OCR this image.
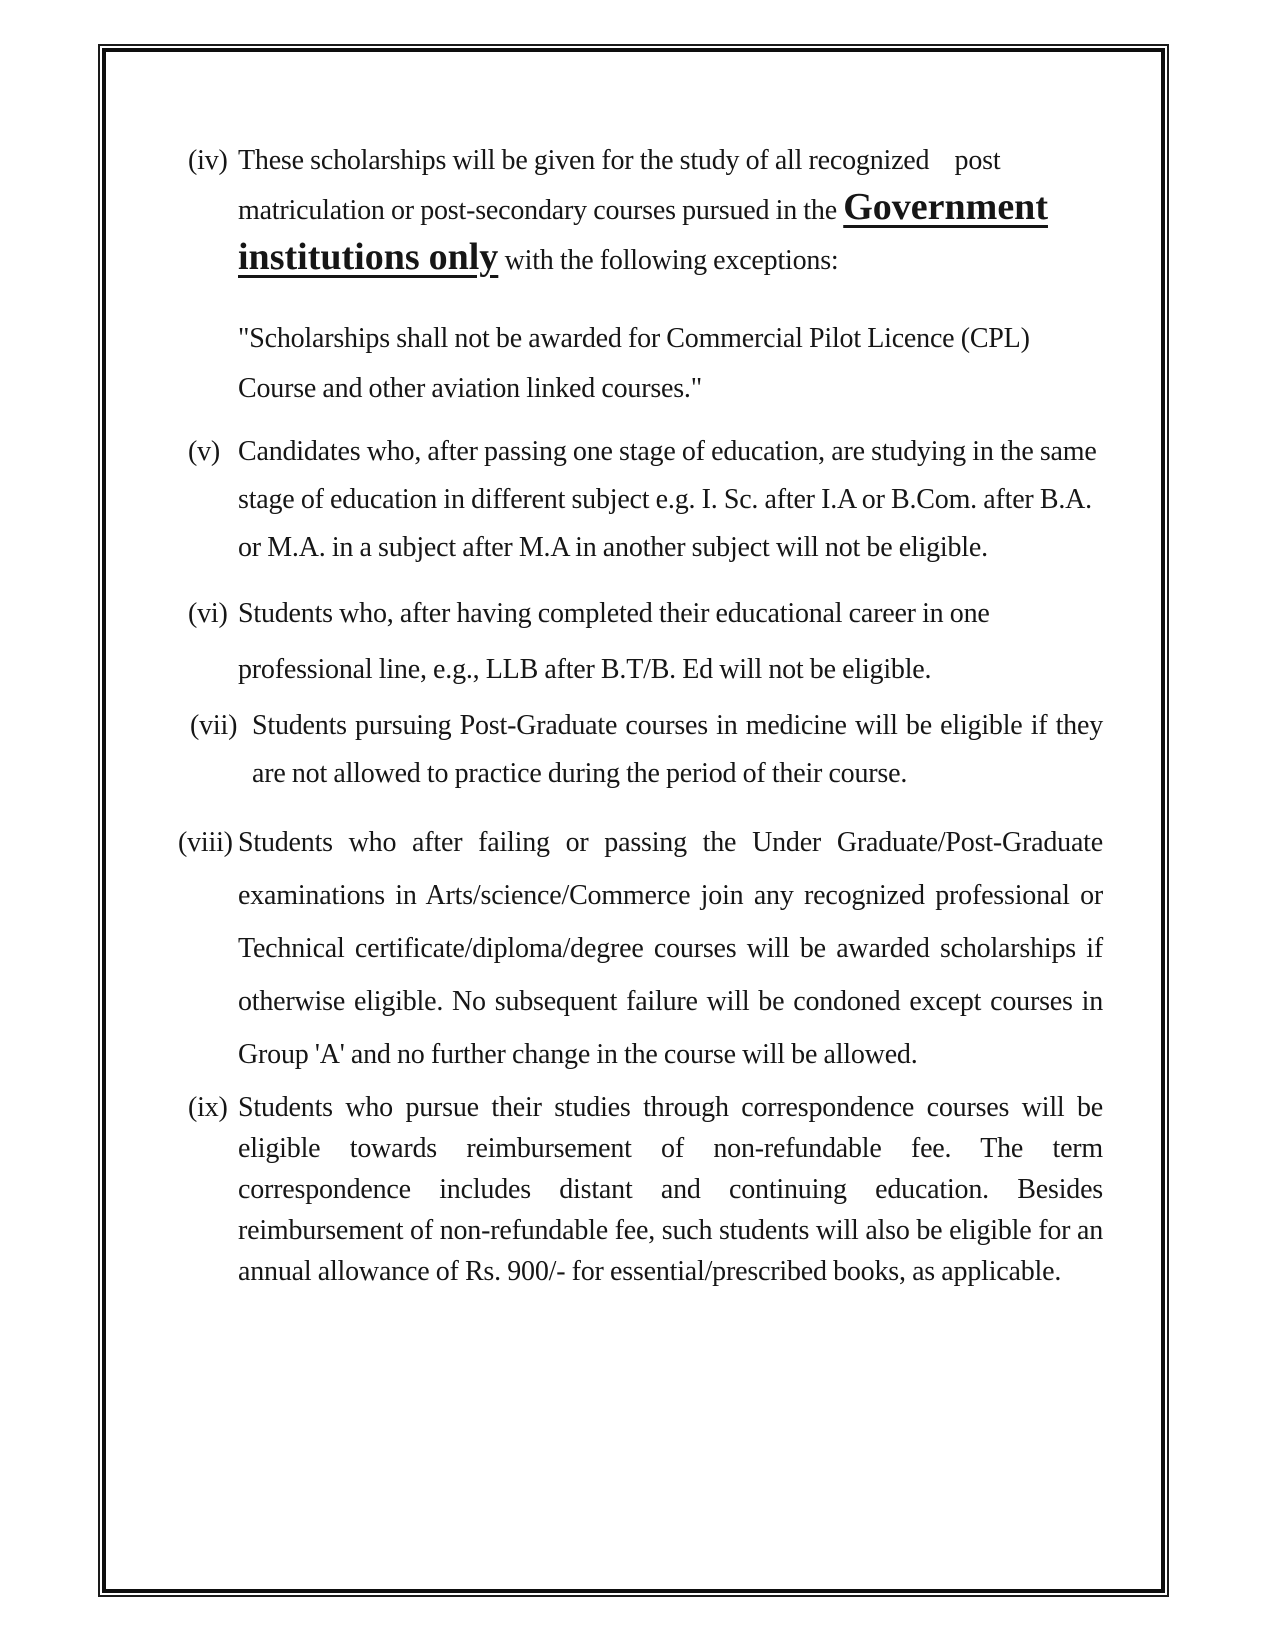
(iv) These scholarships will be given for the study of all recognized    post matriculation or post-secondary courses pursued in the Government institutions only with the following exceptions:
"Scholarships shall not be awarded for Commercial Pilot Licence (CPL) Course and other aviation linked courses."
(v) Candidates who, after passing one stage of education, are studying in the same stage of education in different subject e.g. I. Sc. after I.A or B.Com. after B.A. or M.A. in a subject after M.A in another subject will not be eligible.
(vi) Students who, after having completed their educational career in one professional line, e.g., LLB after B.T/B. Ed will not be eligible.
(vii) Students pursuing Post-Graduate courses in medicine will be eligible if they are not allowed to practice during the period of their course.
(viii) Students who after failing or passing the Under Graduate/Post-Graduate examinations in Arts/science/Commerce join any recognized professional or Technical certificate/diploma/degree courses will be awarded scholarships if otherwise eligible. No subsequent failure will be condoned except courses in Group 'A' and no further change in the course will be allowed.
(ix) Students who pursue their studies through correspondence courses will be eligible towards reimbursement of non-refundable fee. The term correspondence includes distant and continuing education. Besides reimbursement of non-refundable fee, such students will also be eligible for an annual allowance of Rs. 900/- for essential/prescribed books, as applicable.
